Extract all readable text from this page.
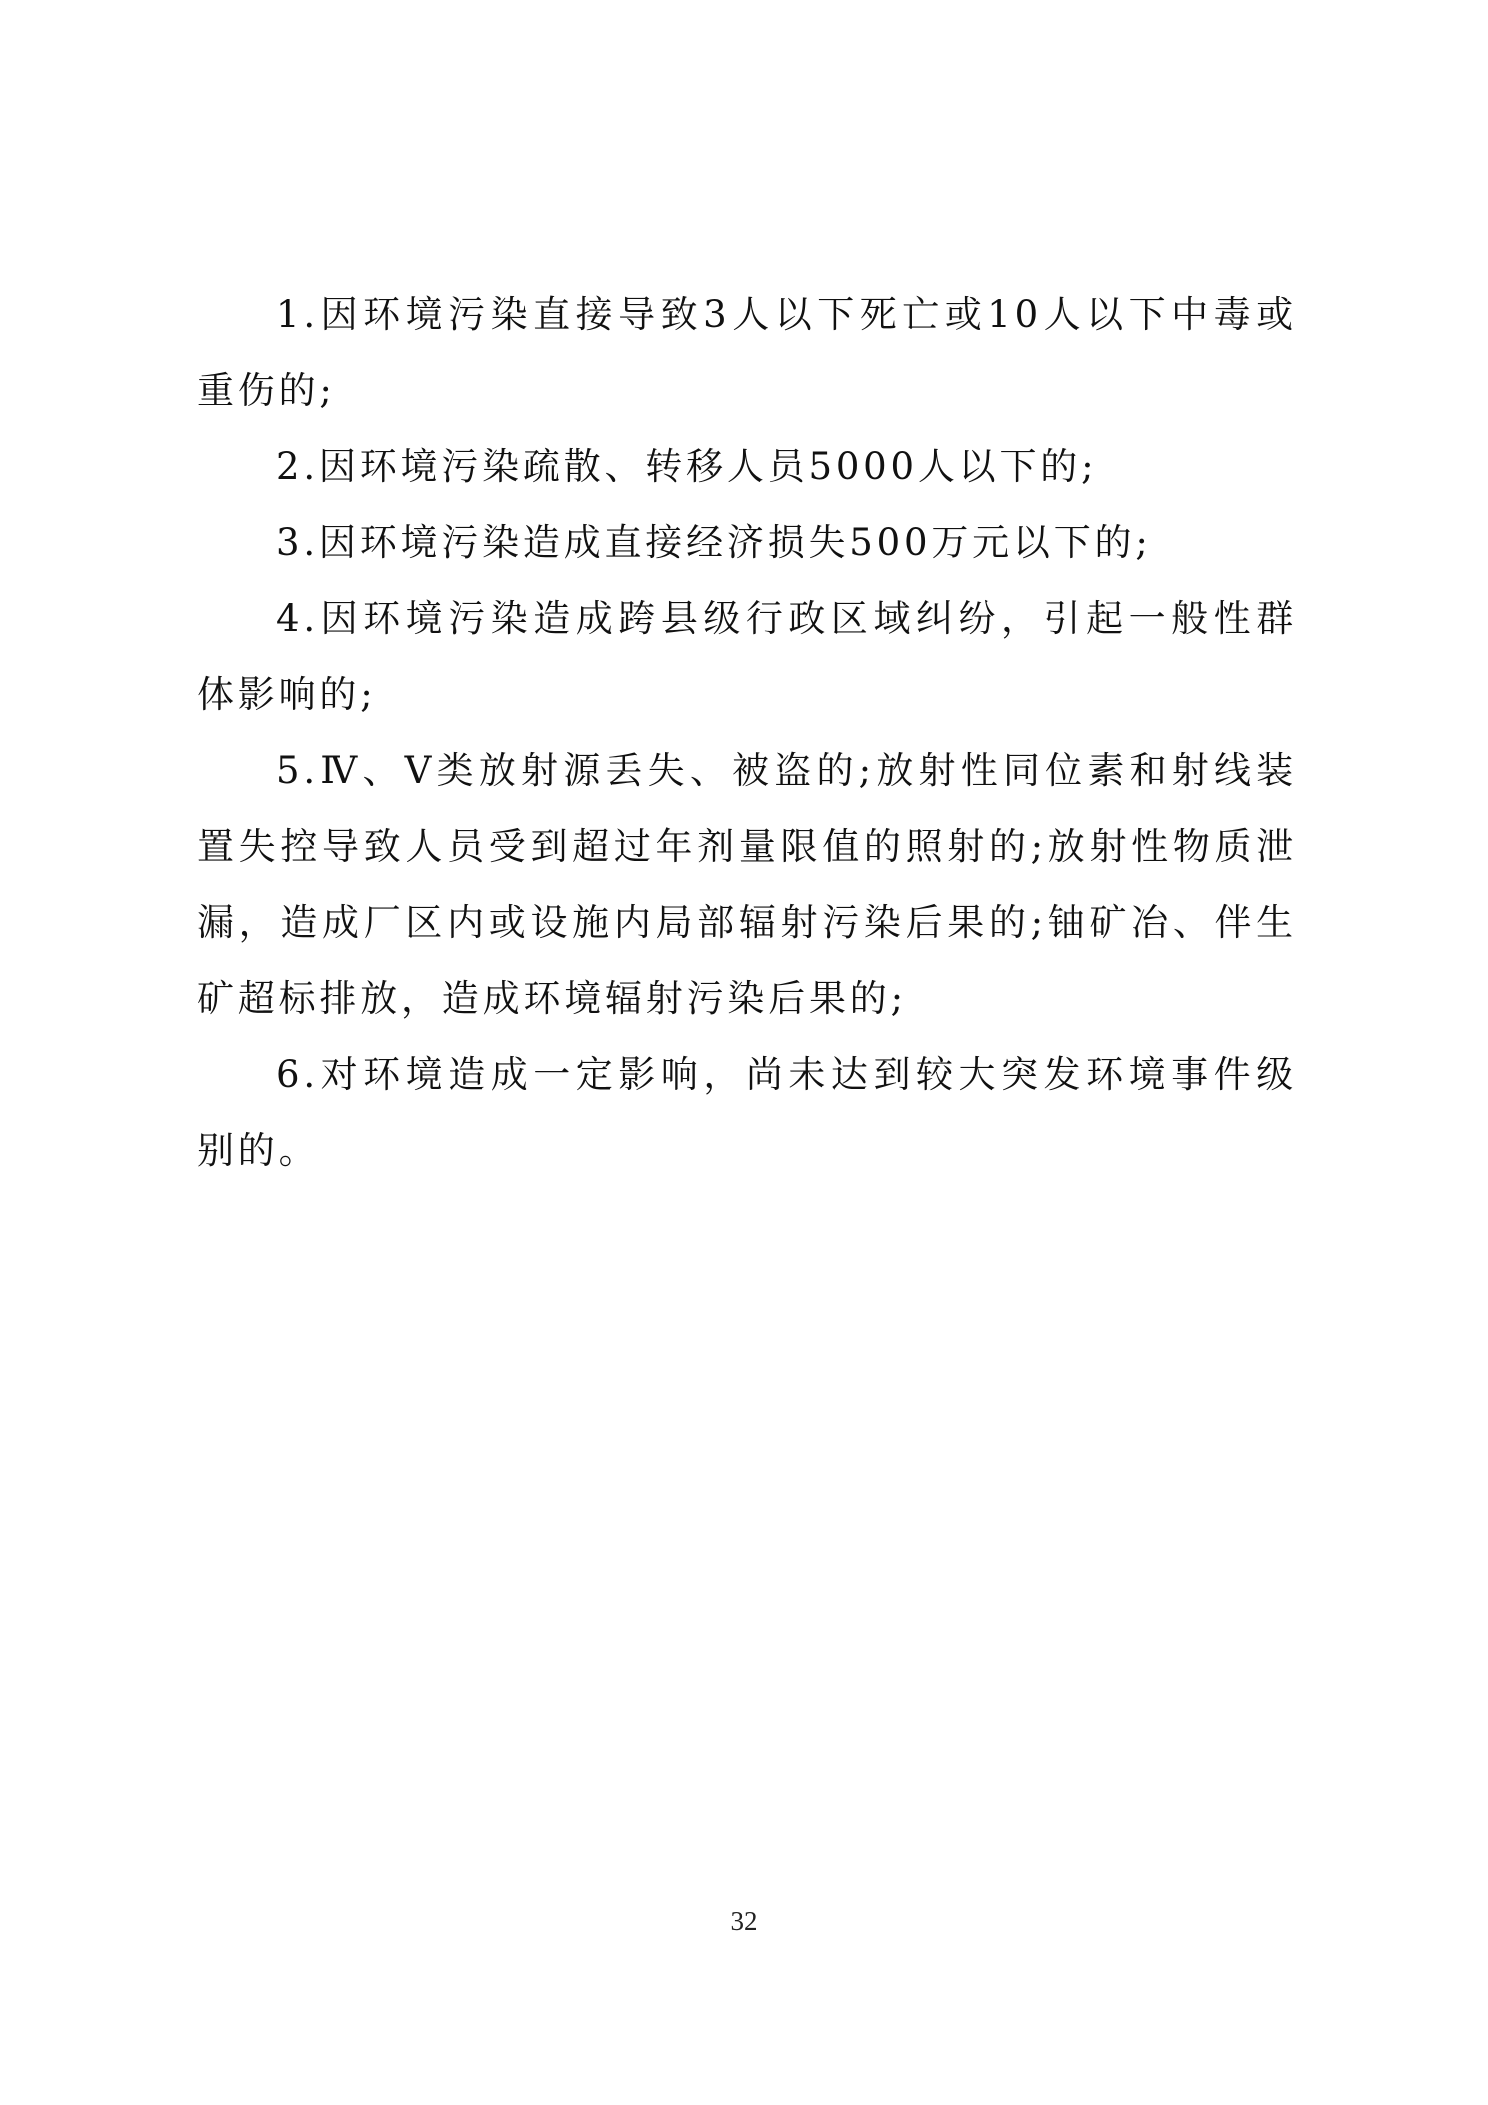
1.因环境污染直接导致3人以下死亡或10人以下中毒或重伤的;

2.因环境污染疏散、转移人员5000人以下的;

3.因环境污染造成直接经济损失500万元以下的;

4.因环境污染造成跨县级行政区域纠纷，引起一般性群体影响的;

5.Ⅳ、Ⅴ类放射源丢失、被盗的;放射性同位素和射线装置失控导致人员受到超过年剂量限值的照射的;放射性物质泄漏，造成厂区内或设施内局部辐射污染后果的;铀矿冶、伴生矿超标排放，造成环境辐射污染后果的;

6.对环境造成一定影响，尚未达到较大突发环境事件级别的。

32
